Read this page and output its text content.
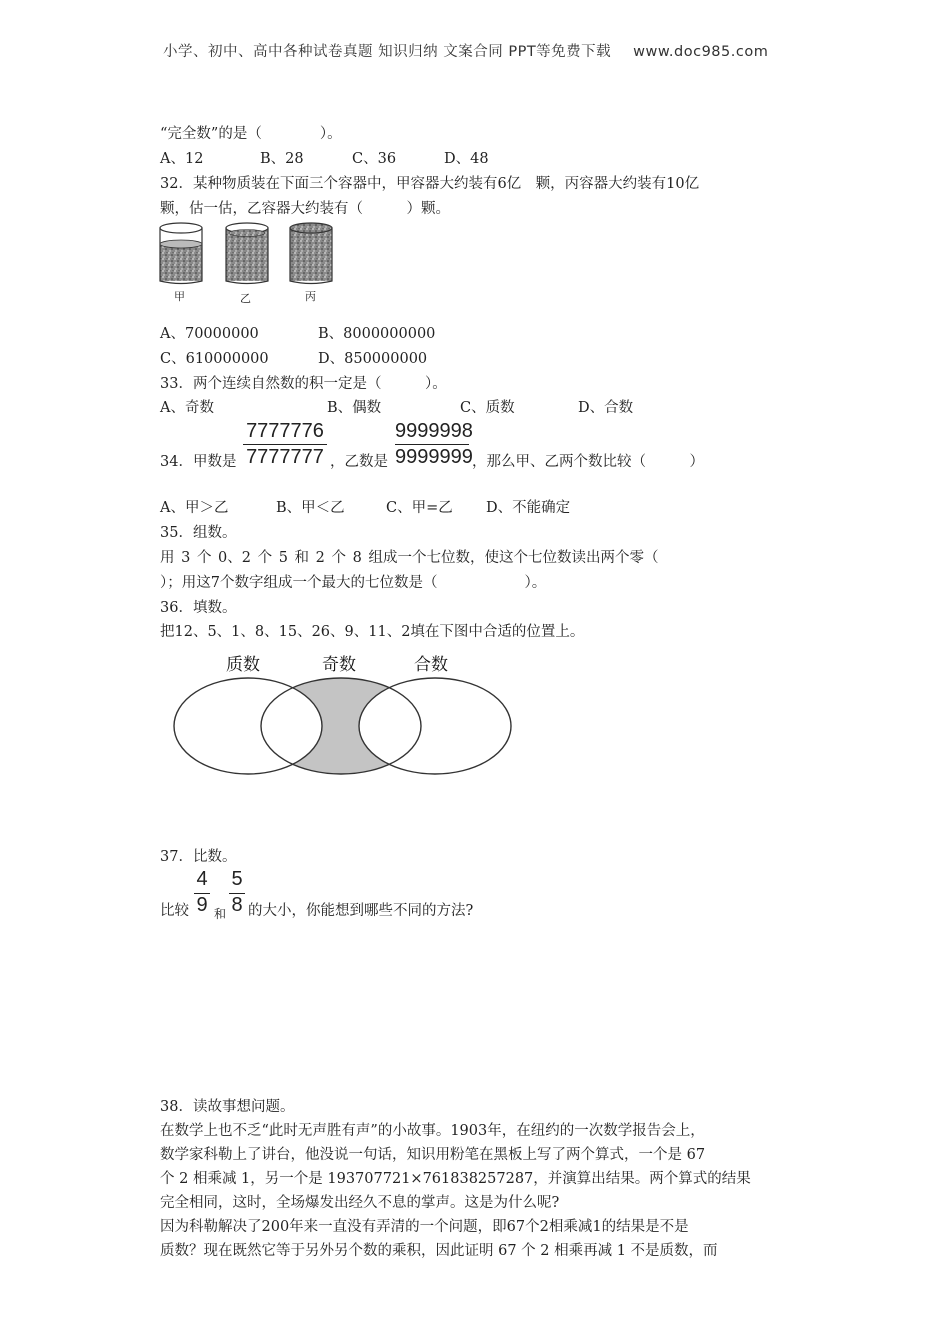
小学、初中、高中各种试卷真题 知识归纳 文案合同 PPT等免费下载 www.doc985.com
“完全数”的是（　　　　）。
A、12	B、28	C、36	D、48
32．某种物质装在下面三个容器中，甲容器大约装有6亿　颗，丙容器大约装有10亿
颗，估一估，乙容器大约装有（　　　）颗。
甲	乙	丙
A、70000000	B、8000000000
C、610000000	D、850000000
33．两个连续自然数的积一定是（　　　）。
A、奇数	B、偶数	C、质数	D、合数
34．甲数是
7777776
7777777 ，乙数是
9999998
9999999 ，那么甲、乙两个数比较（　　　）
A、甲＞乙	B、甲＜乙	C、甲=乙 D、不能确定
35．组数。
用 3 个 0、2 个 5 和 2 个 8 组成一个七位数，使这个七位数读出两个零（
）；用这7个数字组成一个最大的七位数是（　　　　　　）。
36．填数。
把12、5、1、8、15、26、9、11、2填在下图中合适的位置上。
质数	奇数	合数
37．比数。
比较
4
9 和
5
8 的大小，你能想到哪些不同的方法?
38．读故事想问题。
在数学上也不乏“此时无声胜有声”的小故事。1903年，在纽约的一次数学报告会上，
数学家科勒上了讲台，他没说一句话，知识用粉笔在黑板上写了两个算式，一个是 67
个 2 相乘减 1，另一个是 193707721×761838257287，并演算出结果。两个算式的结果
完全相同，这时，全场爆发出经久不息的掌声。这是为什么呢?
因为科勒解决了200年来一直没有弄清的一个问题，即67个2相乘减1的结果是不是
质数？现在既然它等于另外另个数的乘积，因此证明 67 个 2 相乘再减 1 不是质数，而
